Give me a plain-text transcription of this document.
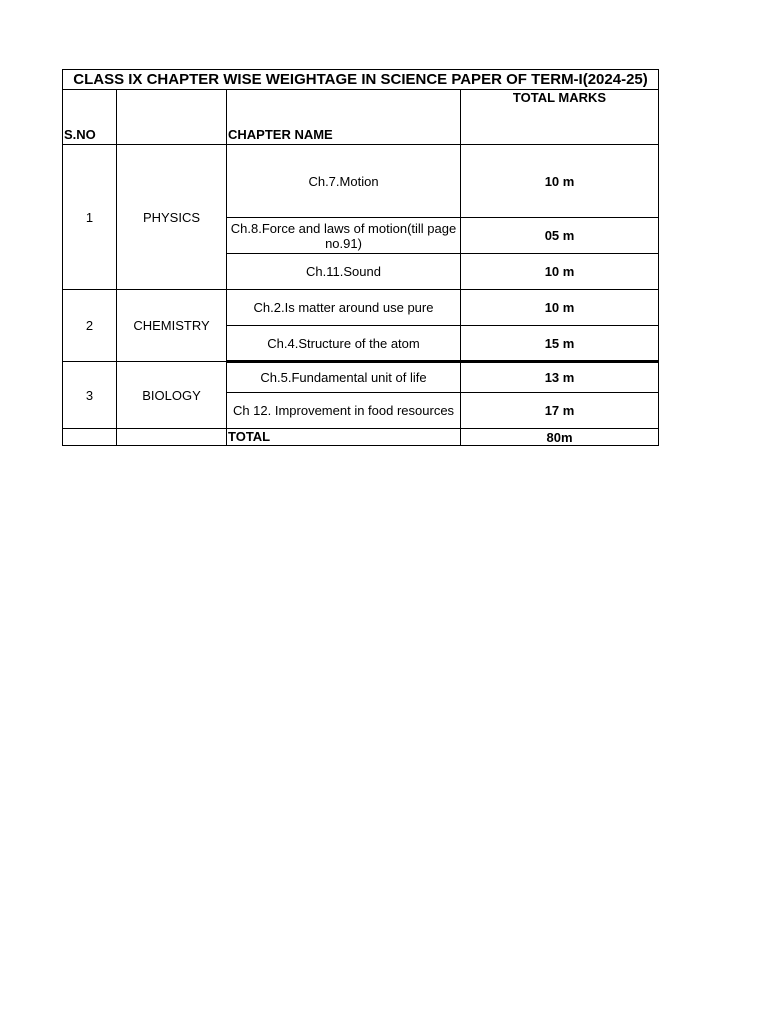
CLASS IX CHAPTER WISE WEIGHTAGE IN SCIENCE PAPER OF TERM-I(2024-25)			
S.NO		CHAPTER NAME	TOTAL MARKS
1	PHYSICS	Ch.7.Motion	10 m
		Ch.8.Force and laws of motion(till page no.91)	05 m
		Ch.11.Sound	10 m
2	CHEMISTRY	Ch.2.Is matter around use pure	10 m
		Ch.4.Structure of the atom	15 m
3	BIOLOGY	Ch.5.Fundamental unit of life	13 m
		Ch 12. Improvement in food resources	17 m
		TOTAL	80m
